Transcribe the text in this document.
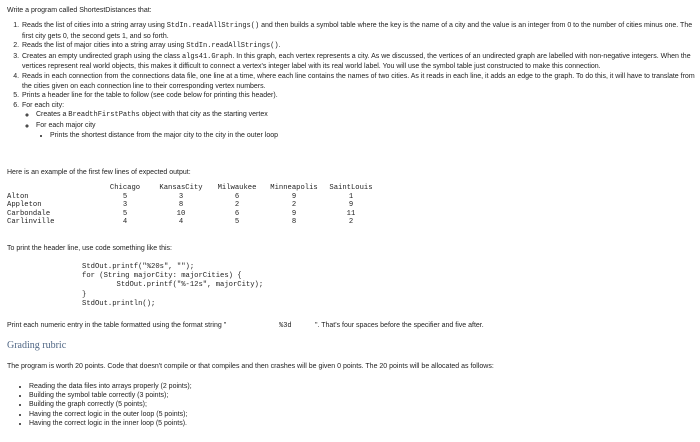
Write a program called ShortestDistances that:

1. Reads the list of cities into a string array using StdIn.readAllStrings() and then builds a symbol table where the key is the name of a city and the value is an integer from 0 to the number of cities minus one. The first city gets 0, the second gets 1, and so forth.
2. Reads the list of major cities into a string array using StdIn.readAllStrings().
3. Creates an empty undirected graph using the class algs41.Graph. In this graph, each vertex represents a city. As we discussed, the vertices of an undirected graph are labelled with non-negative integers. When the vertices represent real world objects, this makes it difficult to connect a vertex's integer label with its real world label. You will use the symbol table just constructed to make this connection.
4. Reads in each connection from the connections data file, one line at a time, where each line contains the names of two cities. As it reads in each line, it adds an edge to the graph. To do this, it will have to translate from the cities given on each connection line to their corresponding vertex numbers.
5. Prints a header line for the table to follow (see code below for printing this header).
6. For each city:
◦ Creates a BreadthFirstPaths object with that city as the starting vertex
◦ For each major city
• Prints the shortest distance from the major city to the city in the outer loop

Here is an example of the first few lines of expected output:

	Chicago	KansasCity	Milwaukee	Minneapolis	SaintLouis
Alton	5	3	6	9	1
Appleton	3	8	2	2	9
Carbondale	5	10	6	9	11
Carlinville	4	4	5	8	2

To print the header line, use code something like this:

StdOut.printf("%20s", "");
for (String majorCity: majorCities) {
StdOut.printf("%-12s", majorCity);
}
StdOut.println();
Print each numeric entry in the table formatted using the format string "	%3d	". That's four spaces before the specifier and five after.
Grading rubric

The program is worth 20 points. Code that doesn't compile or that compiles and then crashes will be given 0 points. The 20 points will be allocated as follows:

• Reading the data files into arrays properly (2 points);
• Building the symbol table correctly (3 points);
• Building the graph correctly (5 points);
• Having the correct logic in the outer loop (5 points);
• Having the correct logic in the inner loop (5 points).
